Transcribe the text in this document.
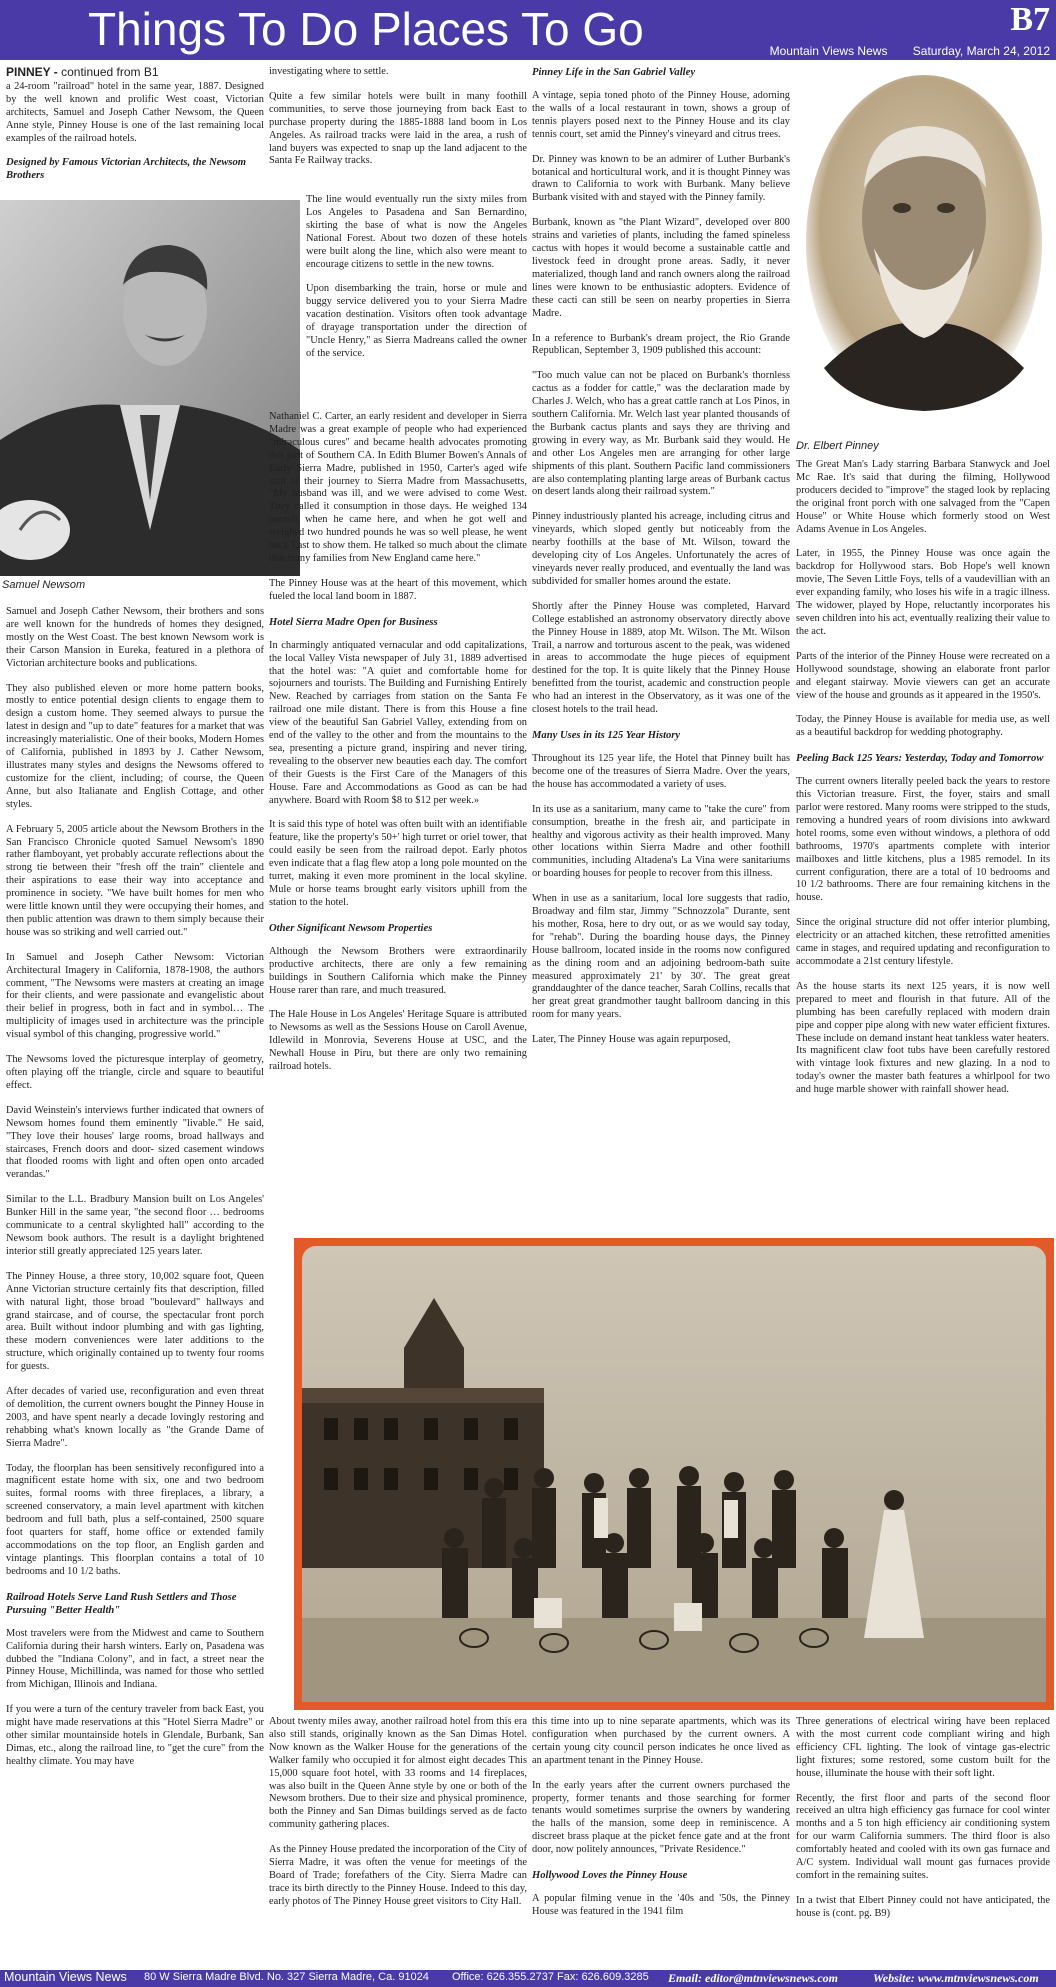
Things To Do Places To Go	B7
Mountain Views News Saturday, March 24, 2012

PINNEY - continued from B1
a 24-room "railroad" hotel in the same year, 1887. Designed by the well known and prolific West coast, Victorian architects, Samuel and Joseph Cather Newsom, the Queen Anne style, Pinney House is one of the last remaining local examples of the railroad hotels.

Designed by Famous Victorian Architects, the Newsom Brothers
Samuel Newsom

Samuel and Joseph Cather Newsom, their brothers and sons are well known for the hundreds of homes they designed, mostly on the West Coast. The best known Newsom work is their Carson Mansion in Eureka, featured in a plethora of Victorian architecture books and publications.

They also published eleven or more home pattern books, mostly to entice potential design clients to engage them to design a custom home. They seemed always to pursue the latest in design and "up to date" features for a market that was increasingly materialistic. One of their books, Modern Homes of California, published in 1893 by J. Cather Newsom, illustrates many styles and designs the Newsoms offered to customize for the client, including; of course, the Queen Anne, but also Italianate and English Cottage, and other styles.

A February 5, 2005 article about the Newsom Brothers in the San Francisco Chronicle quoted Samuel Newsom's 1890 rather flamboyant, yet probably accurate reflections about the strong tie between their "fresh off the train" clientele and their aspirations to ease their way into acceptance and prominence in society. "We have built homes for men who were little known until they were occupying their homes, and then public attention was drawn to them simply because their house was so striking and well carried out."

In Samuel and Joseph Cather Newsom: Victorian Architectural Imagery in California, 1878-1908, the authors comment, "The Newsoms were masters at creating an image for their clients, and were passionate and evangelistic about their belief in progress, both in fact and in symbol… The multiplicity of images used in architecture was the principle visual symbol of this changing, progressive world."

The Newsoms loved the picturesque interplay of geometry, often playing off the triangle, circle and square to beautiful effect.

David Weinstein's interviews further indicated that owners of Newsom homes found them eminently "livable." He said, "They love their houses' large rooms, broad hallways and staircases, French doors and door- sized casement windows that flooded rooms with light and often open onto arcaded verandas."

Similar to the L.L. Bradbury Mansion built on Los Angeles' Bunker Hill in the same year, "the second floor … bedrooms communicate to a central skylighted hall" according to the Newsom book authors. The result is a daylight brightened interior still greatly appreciated 125 years later.

The Pinney House, a three story, 10,002 square foot, Queen Anne Victorian structure certainly fits that description, filled with natural light, those broad "boulevard" hallways and grand staircase, and of course, the spectacular front porch area. Built without indoor plumbing and with gas lighting, these modern conveniences were later additions to the structure, which originally contained up to twenty four rooms for guests.

After decades of varied use, reconfiguration and even threat of demolition, the current owners bought the Pinney House in 2003, and have spent nearly a decade lovingly restoring and rehabbing what's known locally as "the Grande Dame of Sierra Madre".

Today, the floorplan has been sensitively reconfigured into a magnificent estate home with six, one and two bedroom suites, formal rooms with three fireplaces, a library, a screened conservatory, a main level apartment with kitchen bedroom and full bath, plus a self-contained, 2500 square foot quarters for staff, home office or extended family accommodations on the top floor, an English garden and vintage plantings. This floorplan contains a total of 10 bedrooms and 10 1/2 baths.

Railroad Hotels Serve Land Rush Settlers and Those Pursuing "Better Health"

Most travelers were from the Midwest and came to Southern California during their harsh winters. Early on, Pasadena was dubbed the "Indiana Colony", and in fact, a street near the Pinney House, Michillinda, was named for those who settled from Michigan, Illinois and Indiana.

If you were a turn of the century traveler from back East, you might have made reservations at this "Hotel Sierra Madre" or other similar mountainside hotels in Glendale, Burbank, San Dimas, etc., along the railroad line, to "get the cure" from the healthy climate. You may have

investigating where to settle.

Quite a few similar hotels were built in many foothill communities, to serve those journeying from back East to purchase property during the 1885-1888 land boom in Los Angeles. As railroad tracks were laid in the area, a rush of land buyers was expected to snap up the land adjacent to the Santa Fe Railway tracks.

The line would eventually run the sixty miles from Los Angeles to Pasadena and San Bernardino, skirting the base of what is now the Angeles National Forest. About two dozen of these hotels were built along the line, which also were meant to encourage citizens to settle in the new towns.

Upon disembarking the train, horse or mule and buggy service delivered you to your Sierra Madre vacation destination. Visitors often took advantage of drayage transportation under the direction of "Uncle Henry," as Sierra Madreans called the owner of the service.

Nathaniel C. Carter, an early resident and developer in Sierra Madre was a great example of people who had experienced "miraculous cures" and became health advocates promoting this part of Southern CA. In Edith Blumer Bowen's Annals of Early Sierra Madre, published in 1950, Carter's aged wife said of their journey to Sierra Madre from Massachusetts, "My husband was ill, and we were advised to come West. They called it consumption in those days. He weighed 134 pounds when he came here, and when he got well and weighed two hundred pounds he was so well please, he went back East to show them. He talked so much about the climate that many families from New England came here."

The Pinney House was at the heart of this movement, which fueled the local land boom in 1887.

Hotel Sierra Madre Open for Business

In charmingly antiquated vernacular and odd capitalizations, the local Valley Vista newspaper of July 31, 1889 advertised that the hotel was: "A quiet and comfortable home for sojourners and tourists. The Building and Furnishing Entirely New. Reached by carriages from station on the Santa Fe railroad one mile distant. There is from this House a fine view of the beautiful San Gabriel Valley, extending from on end of the valley to the other and from the mountains to the sea, presenting a picture grand, inspiring and never tiring, revealing to the observer new beauties each day. The comfort of their Guests is the First Care of the Managers of this House. Fare and Accommodations as Good as can be had anywhere. Board with Room $8 to $12 per week.»

It is said this type of hotel was often built with an identifiable feature, like the property's 50+' high turret or oriel tower, that could easily be seen from the railroad depot. Early photos even indicate that a flag flew atop a long pole mounted on the turret, making it even more prominent in the local skyline. Mule or horse teams brought early visitors uphill from the station to the hotel.

Other Significant Newsom Properties

Although the Newsom Brothers were extraordinarily productive architects, there are only a few remaining buildings in Southern California which make the Pinney House rarer than rare, and much treasured.

The Hale House in Los Angeles' Heritage Square is attributed to Newsoms as well as the Sessions House on Caroll Avenue, Idlewild in Monrovia, Severens House at USC, and the Newhall House in Piru, but there are only two remaining railroad hotels.

Pinney Life in the San Gabriel Valley

A vintage, sepia toned photo of the Pinney House, adorning the walls of a local restaurant in town, shows a group of tennis players posed next to the Pinney House and its clay tennis court, set amid the Pinney's vineyard and citrus trees.

Dr. Pinney was known to be an admirer of Luther Burbank's botanical and horticultural work, and it is thought Pinney was drawn to California to work with Burbank. Many believe Burbank visited with and stayed with the Pinney family.

Burbank, known as "the Plant Wizard", developed over 800 strains and varieties of plants, including the famed spineless cactus with hopes it would become a sustainable cattle and livestock feed in drought prone areas. Sadly, it never materialized, though land and ranch owners along the railroad lines were known to be enthusiastic adopters. Evidence of these cacti can still be seen on nearby properties in Sierra Madre.

In a reference to Burbank's dream project, the Rio Grande Republican, September 3, 1909 published this account:

"Too much value can not be placed on Burbank's thornless cactus as a fodder for cattle," was the declaration made by Charles J. Welch, who has a great cattle ranch at Los Pinos, in southern California. Mr. Welch last year planted thousands of the Burbank cactus plants and says they are thriving and growing in every way, as Mr. Burbank said they would. He and other Los Angeles men are arranging for other large shipments of this plant. Southern Pacific land commissioners are also contemplating planting large areas of Burbank cactus on desert lands along their railroad system."

Pinney industriously planted his acreage, including citrus and vineyards, which sloped gently but noticeably from the nearby foothills at the base of Mt. Wilson, toward the developing city of Los Angeles. Unfortunately the acres of vineyards never really produced, and eventually the land was subdivided for smaller homes around the estate.

Shortly after the Pinney House was completed, Harvard College established an astronomy observatory directly above the Pinney House in 1889, atop Mt. Wilson. The Mt. Wilson Trail, a narrow and torturous ascent to the peak, was widened in areas to accommodate the huge pieces of equipment destined for the top. It is quite likely that the Pinney House benefitted from the tourist, academic and construction people who had an interest in the Observatory, as it was one of the closest hotels to the trail head.

Many Uses in its 125 Year History

Throughout its 125 year life, the Hotel that Pinney built has become one of the treasures of Sierra Madre. Over the years, the house has accommodated a variety of uses.

In its use as a sanitarium, many came to "take the cure" from consumption, breathe in the fresh air, and participate in healthy and vigorous activity as their health improved. Many other locations within Sierra Madre and other foothill communities, including Altadena's La Vina were sanitariums or boarding houses for people to recover from this illness.

When in use as a sanitarium, local lore suggests that radio, Broadway and film star, Jimmy "Schnozzola" Durante, sent his mother, Rosa, here to dry out, or as we would say today, for "rehab". During the boarding house days, the Pinney House ballroom, located inside in the rooms now configured as the dining room and an adjoining bedroom-bath suite measured approximately 21' by 30'. The great great granddaughter of the dance teacher, Sarah Collins, recalls that her great great grandmother taught ballroom dancing in this room for many years.

Later, The Pinney House was again repurposed,

Dr. Elbert Pinney

The Great Man's Lady starring Barbara Stanwyck and Joel Mc Rae. It's said that during the filming, Hollywood producers decided to "improve" the staged look by replacing the original front porch with one salvaged from the "Capen House" or White House which formerly stood on West Adams Avenue in Los Angeles.

Later, in 1955, the Pinney House was once again the backdrop for Hollywood stars. Bob Hope's well known movie, The Seven Little Foys, tells of a vaudevillian with an ever expanding family, who loses his wife in a tragic illness. The widower, played by Hope, reluctantly incorporates his seven children into his act, eventually realizing their value to the act.

Parts of the interior of the Pinney House were recreated on a Hollywood soundstage, showing an elaborate front parlor and elegant stairway. Movie viewers can get an accurate view of the house and grounds as it appeared in the 1950's.

Today, the Pinney House is available for media use, as well as a beautiful backdrop for wedding photography.

Peeling Back 125 Years: Yesterday, Today and Tomorrow

The current owners literally peeled back the years to restore this Victorian treasure. First, the foyer, stairs and small parlor were restored. Many rooms were stripped to the studs, removing a hundred years of room divisions into awkward hotel rooms, some even without windows, a plethora of odd bathrooms, 1970's apartments complete with interior mailboxes and little kitchens, plus a 1985 remodel. In its current configuration, there are a total of 10 bedrooms and 10 1/2 bathrooms. There are four remaining kitchens in the house.

Since the original structure did not offer interior plumbing, electricity or an attached kitchen, these retrofitted amenities came in stages, and required updating and reconfiguration to accommodate a 21st century lifestyle.

As the house starts its next 125 years, it is now well prepared to meet and flourish in that future. All of the plumbing has been carefully replaced with modern drain pipe and copper pipe along with new water efficient fixtures. These include on demand instant heat tankless water heaters.

Its magnificent claw foot tubs have been carefully restored with vintage look fixtures and new glazing. In a nod to today's owner the master bath features a whirlpool for two and huge marble shower with rainfall shower head.

About twenty miles away, another railroad hotel from this era also still stands, originally known as the San Dimas Hotel. Now known as the Walker House for the generations of the Walker family who occupied it for almost eight decades This 15,000 square foot hotel, with 33 rooms and 14 fireplaces, was also built in the Queen Anne style by one or both of the Newsom brothers. Due to their size and physical prominence, both the Pinney and San Dimas buildings served as de facto community gathering places.

As the Pinney House predated the incorporation of the City of Sierra Madre, it was often the venue for meetings of the Board of Trade; forefathers of the City. Sierra Madre can trace its birth directly to the Pinney House. Indeed to this day, early photos of The Pinney House greet visitors to City Hall.

this time into up to nine separate apartments, which was its configuration when purchased by the current owners. A certain young city council person indicates he once lived as an apartment tenant in the Pinney House.

In the early years after the current owners purchased the property, former tenants and those searching for former tenants would sometimes surprise the owners by wandering the halls of the mansion, some deep in reminiscence. A discreet brass plaque at the picket fence gate and at the front door, now politely announces, "Private Residence."

Hollywood Loves the Pinney House

A popular filming venue in the '40s and '50s, the Pinney House was featured in the 1941 film

Three generations of electrical wiring have been replaced with the most current code compliant wiring and high efficiency CFL lighting. The look of vintage gas-electric light fixtures; some restored, some custom built for the house, illuminate the house with their soft light.

Recently, the first floor and parts of the second floor received an ultra high efficiency gas furnace for cool winter months and a 5 ton high efficiency air conditioning system for our warm California summers. The third floor is also comfortably heated and cooled with its own gas furnace and A/C system. Individual wall mount gas furnaces provide comfort in the remaining suites.

In a twist that Elbert Pinney could not have anticipated, the house is (cont. pg. B9)

Mountain Views News 80 W Sierra Madre Blvd. No. 327 Sierra Madre, Ca. 91024 Office: 626.355.2737 Fax: 626.609.3285 Email: editor@mtnviewsnews.com	Website: www.mtnviewsnews.com
